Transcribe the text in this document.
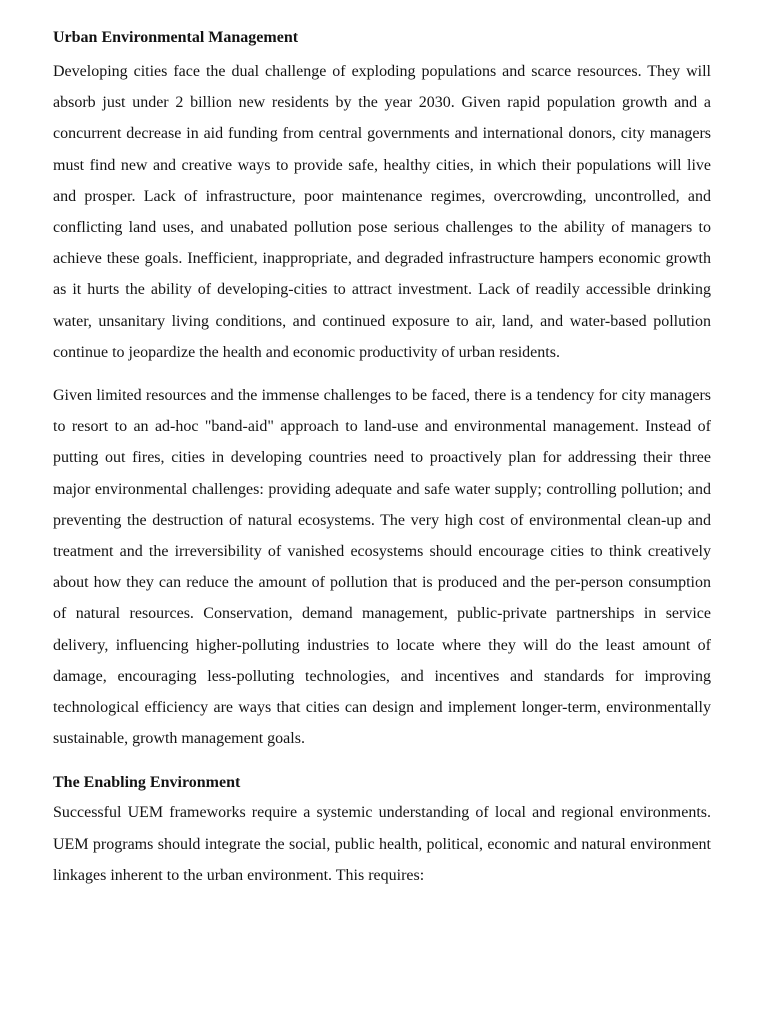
Urban Environmental Management

Developing cities face the dual challenge of exploding populations and scarce resources. They will absorb just under 2 billion new residents by the year 2030. Given rapid population growth and a concurrent decrease in aid funding from central governments and international donors, city managers must find new and creative ways to provide safe, healthy cities, in which their populations will live and prosper. Lack of infrastructure, poor maintenance regimes, overcrowding, uncontrolled, and conflicting land uses, and unabated pollution pose serious challenges to the ability of managers to achieve these goals. Inefficient, inappropriate, and degraded infrastructure hampers economic growth as it hurts the ability of developing-cities to attract investment. Lack of readily accessible drinking water, unsanitary living conditions, and continued exposure to air, land, and water-based pollution continue to jeopardize the health and economic productivity of urban residents.

Given limited resources and the immense challenges to be faced, there is a tendency for city managers to resort to an ad-hoc "band-aid" approach to land-use and environmental management. Instead of putting out fires, cities in developing countries need to proactively plan for addressing their three major environmental challenges: providing adequate and safe water supply; controlling pollution; and preventing the destruction of natural ecosystems. The very high cost of environmental clean-up and treatment and the irreversibility of vanished ecosystems should encourage cities to think creatively about how they can reduce the amount of pollution that is produced and the per-person consumption of natural resources. Conservation, demand management, public-private partnerships in service delivery, influencing higher-polluting industries to locate where they will do the least amount of damage, encouraging less-polluting technologies, and incentives and standards for improving technological efficiency are ways that cities can design and implement longer-term, environmentally sustainable, growth management goals.

The Enabling Environment

Successful UEM frameworks require a systemic understanding of local and regional environments. UEM programs should integrate the social, public health, political, economic and natural environment linkages inherent to the urban environment. This requires:
